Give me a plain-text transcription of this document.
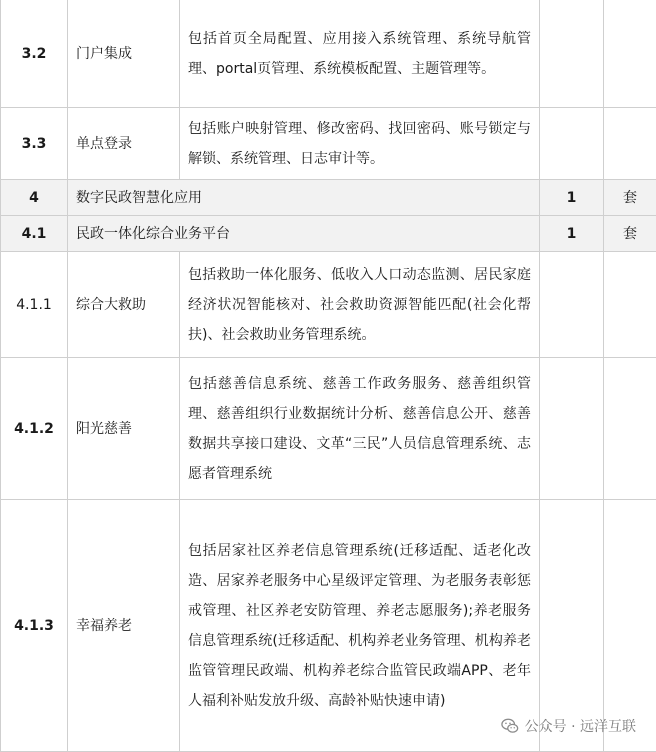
3.2	门户集成	包括首页全局配置、应用接入系统管理、系统导航管理、portal页管理、系统模板配置、主题管理等。		
3.3	单点登录	包括账户映射管理、修改密码、找回密码、账号锁定与解锁、系统管理、日志审计等。		
4	数字民政智慧化应用		1	套
4.1	民政一体化综合业务平台		1	套
4.1.1	综合大救助	包括救助一体化服务、低收入人口动态监测、居民家庭经济状况智能核对、社会救助资源智能匹配(社会化帮扶)、社会救助业务管理系统。		
4.1.2	阳光慈善	包括慈善信息系统、慈善工作政务服务、慈善组织管理、慈善组织行业数据统计分析、慈善信息公开、慈善数据共享接口建设、文革“三民”人员信息管理系统、志愿者管理系统		
4.1.3	幸福养老	包括居家社区养老信息管理系统(迁移适配、适老化改造、居家养老服务中心星级评定管理、为老服务表彰惩戒管理、社区养老安防管理、养老志愿服务);养老服务信息管理系统(迁移适配、机构养老业务管理、机构养老监管管理民政端、机构养老综合监管民政端APP、老年人福利补贴发放升级、高龄补贴快速申请)		
公众号 · 远洋互联
